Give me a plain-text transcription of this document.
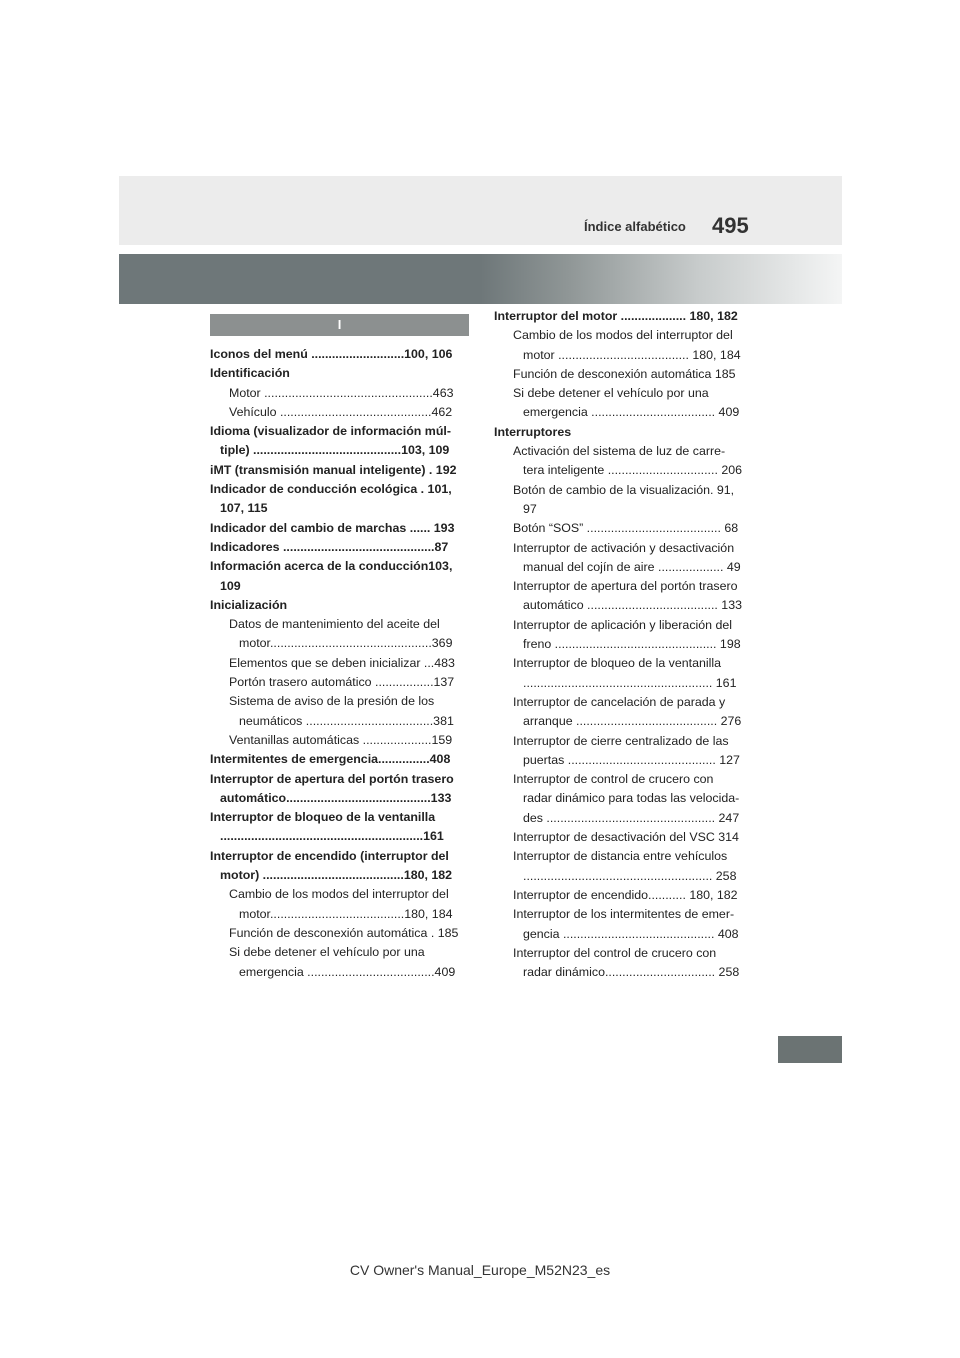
Índice alfabético 495
I
Iconos del menú ...........................100, 106
Identificación
Motor .................................................463
Vehículo ............................................462
Idioma (visualizador de información múl-
tiple) ...........................................103, 109
iMT (transmisión manual inteligente) . 192
Indicador de conducción ecológica . 101,
107, 115
Indicador del cambio de marchas ...... 193
Indicadores ............................................87
Información acerca de la conducción103,
109
Inicialización
Datos de mantenimiento del aceite del
motor...............................................369
Elementos que se deben inicializar ...483
Portón trasero automático .................137
Sistema de aviso de la presión de los
neumáticos .....................................381
Ventanillas automáticas ....................159
Intermitentes de emergencia...............408
Interruptor de apertura del portón trasero
automático..........................................133
Interruptor de bloqueo de la ventanilla
...........................................................161
Interruptor de encendido (interruptor del
motor) .........................................180, 182
Cambio de los modos del interruptor del
motor.......................................180, 184
Función de desconexión automática . 185
Si debe detener el vehículo por una
emergencia .....................................409
Interruptor del motor ................... 180, 182
Cambio de los modos del interruptor del
motor ...................................... 180, 184
Función de desconexión automática 185
Si debe detener el vehículo por una
emergencia .................................... 409
Interruptores
Activación del sistema de luz de carre-
tera inteligente ................................ 206
Botón de cambio de la visualización. 91,
97
Botón “SOS” ....................................... 68
Interruptor de activación y desactivación
manual del cojín de aire ................... 49
Interruptor de apertura del portón trasero
automático ...................................... 133
Interruptor de aplicación y liberación del
freno ............................................... 198
Interruptor de bloqueo de la ventanilla
....................................................... 161
Interruptor de cancelación de parada y
arranque ......................................... 276
Interruptor de cierre centralizado de las
puertas ........................................... 127
Interruptor de control de crucero con
radar dinámico para todas las velocida-
des ................................................. 247
Interruptor de desactivación del VSC 314
Interruptor de distancia entre vehículos
....................................................... 258
Interruptor de encendido........... 180, 182
Interruptor de los intermitentes de emer-
gencia ............................................ 408
Interruptor del control de crucero con
radar dinámico................................ 258
CV Owner's Manual_Europe_M52N23_es
